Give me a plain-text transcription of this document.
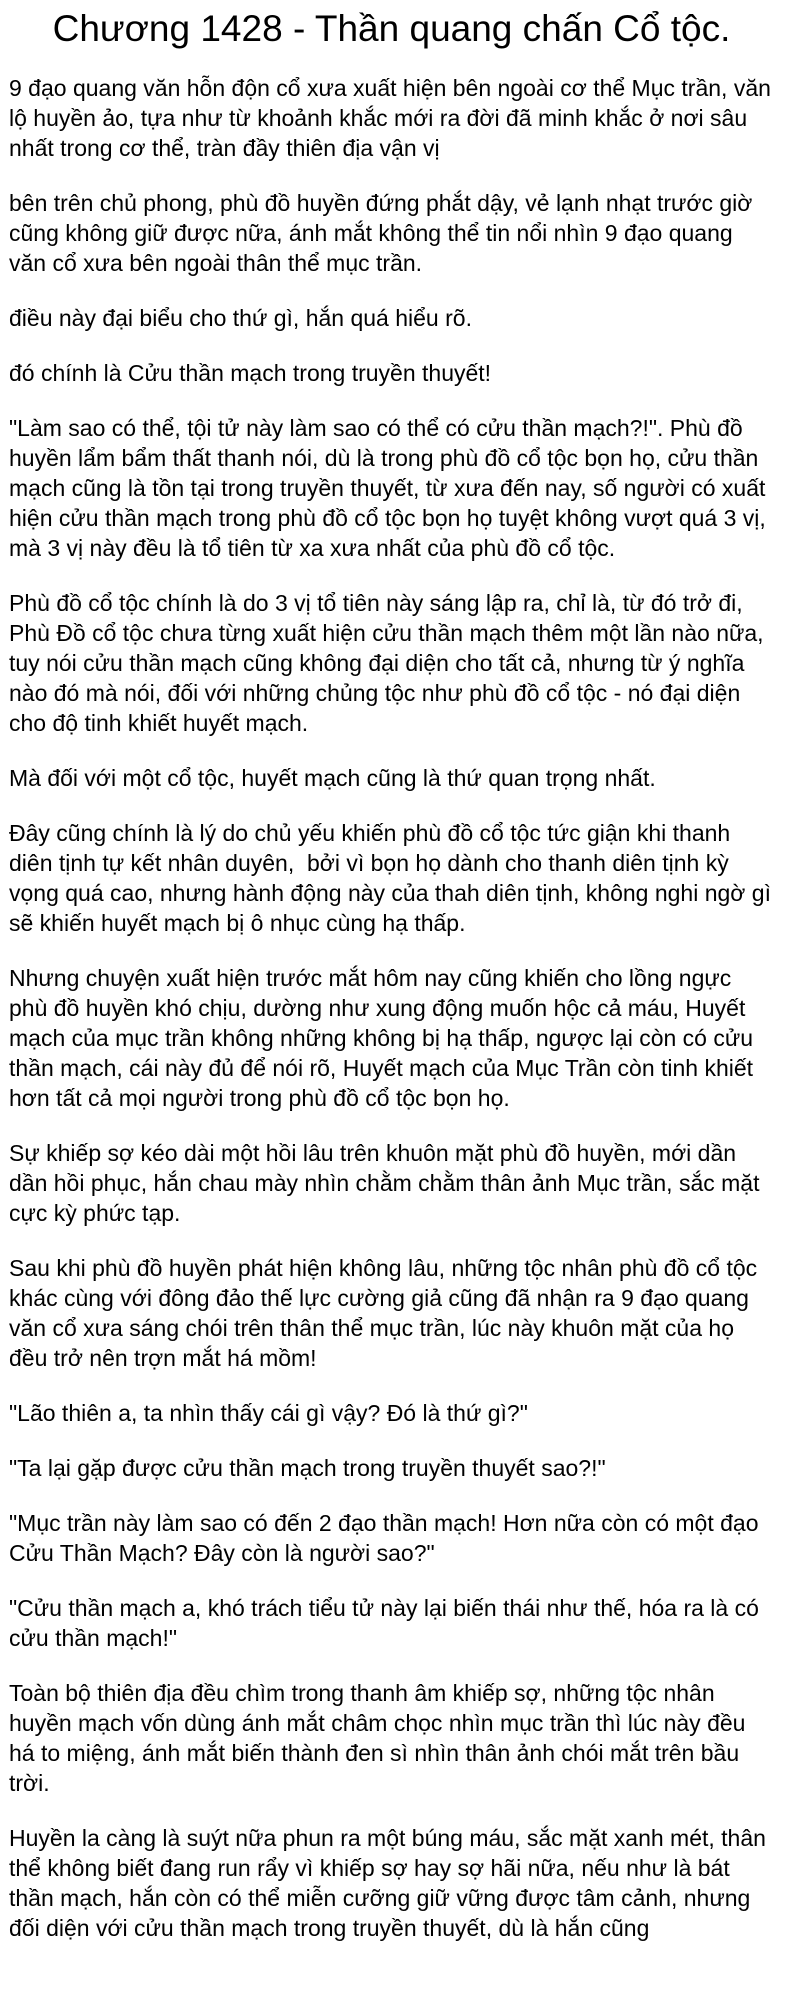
Chương 1428 - Thần quang chấn Cổ tộc.

9 đạo quang văn hỗn độn cổ xưa xuất hiện bên ngoài cơ thể Mục trần, văn lộ huyền ảo, tựa như từ khoảnh khắc mới ra đời đã minh khắc ở nơi sâu nhất trong cơ thể, tràn đầy thiên địa vận vị

bên trên chủ phong, phù đồ huyền đứng phắt dậy, vẻ lạnh nhạt trước giờ cũng không giữ được nữa, ánh mắt không thể tin nổi nhìn 9 đạo quang văn cổ xưa bên ngoài thân thể mục trần.

điều này đại biểu cho thứ gì, hắn quá hiểu rõ.

đó chính là Cửu thần mạch trong truyền thuyết!

"Làm sao có thể, tội tử này làm sao có thể có cửu thần mạch?!". Phù đồ huyền lẩm bẩm thất thanh nói, dù là trong phù đồ cổ tộc bọn họ, cửu thần mạch cũng là tồn tại trong truyền thuyết, từ xưa đến nay, số người có xuất hiện cửu thần mạch trong phù đồ cổ tộc bọn họ tuyệt không vượt quá 3 vị, mà 3 vị này đều là tổ tiên từ xa xưa nhất của phù đồ cổ tộc.

Phù đồ cổ tộc chính là do 3 vị tổ tiên này sáng lập ra, chỉ là, từ đó trở đi, Phù Đồ cổ tộc chưa từng xuất hiện cửu thần mạch thêm một lần nào nữa, tuy nói cửu thần mạch cũng không đại diện cho tất cả, nhưng từ ý nghĩa nào đó mà nói, đối với những chủng tộc như phù đồ cổ tộc - nó đại diện cho độ tinh khiết huyết mạch.

Mà đối với một cổ tộc, huyết mạch cũng là thứ quan trọng nhất.

Đây cũng chính là lý do chủ yếu khiến phù đồ cổ tộc tức giận khi thanh diên tịnh tự kết nhân duyên,  bởi vì bọn họ dành cho thanh diên tịnh kỳ vọng quá cao, nhưng hành động này của thah diên tịnh, không nghi ngờ gì sẽ khiến huyết mạch bị ô nhục cùng hạ thấp.

Nhưng chuyện xuất hiện trước mắt hôm nay cũng khiến cho lồng ngực phù đồ huyền khó chịu, dường như xung động muốn hộc cả máu, Huyết mạch của mục trần không những không bị hạ thấp, ngược lại còn có cửu thần mạch, cái này đủ để nói rõ, Huyết mạch của Mục Trần còn tinh khiết hơn tất cả mọi người trong phù đồ cổ tộc bọn họ.

Sự khiếp sợ kéo dài một hồi lâu trên khuôn mặt phù đồ huyền, mới dần dần hồi phục, hắn chau mày nhìn chằm chằm thân ảnh Mục trần, sắc mặt cực kỳ phức tạp.

Sau khi phù đồ huyền phát hiện không lâu, những tộc nhân phù đồ cổ tộc khác cùng với đông đảo thế lực cường giả cũng đã nhận ra 9 đạo quang văn cổ xưa sáng chói trên thân thể mục trần, lúc này khuôn mặt của họ đều trở nên trợn mắt há mồm!

"Lão thiên a, ta nhìn thấy cái gì vậy? Đó là thứ gì?"

"Ta lại gặp được cửu thần mạch trong truyền thuyết sao?!"

"Mục trần này làm sao có đến 2 đạo thần mạch! Hơn nữa còn có một đạo Cửu Thần Mạch? Đây còn là người sao?"

"Cửu thần mạch a, khó trách tiểu tử này lại biến thái như thế, hóa ra là có cửu thần mạch!"

Toàn bộ thiên địa đều chìm trong thanh âm khiếp sợ, những tộc nhân huyền mạch vốn dùng ánh mắt châm chọc nhìn mục trần thì lúc này đều há to miệng, ánh mắt biến thành đen sì nhìn thân ảnh chói mắt trên bầu trời.

Huyền la càng là suýt nữa phun ra một búng máu, sắc mặt xanh mét, thân thể không biết đang run rẩy vì khiếp sợ hay sợ hãi nữa, nếu như là bát thần mạch, hắn còn có thể miễn cưỡng giữ vững được tâm cảnh, nhưng đối diện với cửu thần mạch trong truyền thuyết, dù là hắn cũng
